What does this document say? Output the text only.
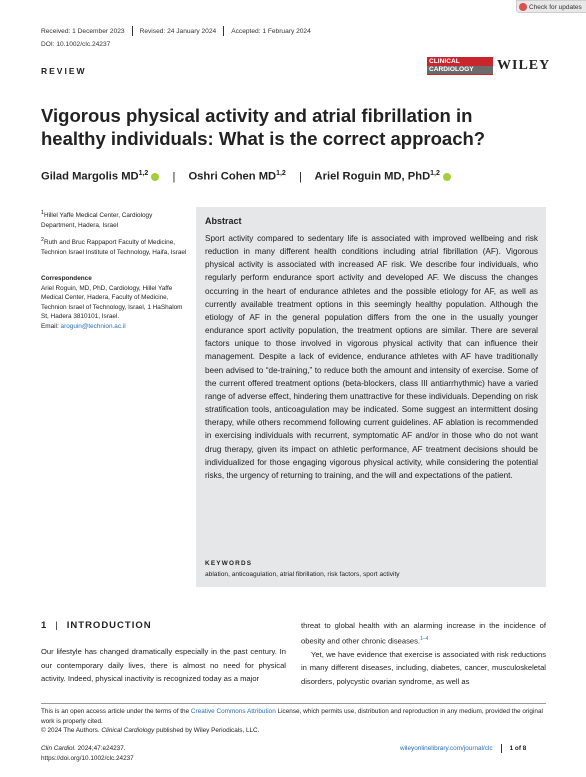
Check for updates
Received: 1 December 2023 Revised: 24 January 2024 Accepted: 1 February 2024
DOI: 10.1002/clc.24237
REVIEW
CLINICAL
CARDIOLOGY	WILEY
Vigorous physical activity and atrial fibrillation in healthy individuals: What is the correct approach?
Gilad Margolis MD$^{1,2}$ | Oshri Cohen MD$^{1,2}$ | Ariel Roguin MD, PhD$^{1,2}$
$^1$Hillel Yaffe Medical Center, Cardiology Department, Hadera, Israel
$^2$Ruth and Bruc Rappaport Faculty of Medicine, Technion Israel Institute of Technology, Haifa, Israel
Correspondence
Ariel Roguin, MD, PhD, Cardiology, Hillel Yaffe Medical Center, Hadera, Faculty of Medicine, Technion Israel of Technology, Israel, 1 HaShalom St, Hadera 3810101, Israel.
Email: aroguin@technion.ac.il
Abstract
Sport activity compared to sedentary life is associated with improved wellbeing and risk reduction in many different health conditions including atrial fibrillation (AF). Vigorous physical activity is associated with increased AF risk. We describe four individuals, who regularly perform endurance sport activity and developed AF. We discuss the changes occurring in the heart of endurance athletes and the possible etiology for AF, as well as currently available treatment options in this seemingly healthy population. Although the etiology of AF in the general population differs from the one in the usually younger endurance sport activity population, the treatment options are similar. There are several factors unique to those involved in vigorous physical activity that can influence their management. Despite a lack of evidence, endurance athletes with AF have traditionally been advised to “de-training,” to reduce both the amount and intensity of exercise. Some of the current offered treatment options (beta-blockers, class III antiarrhythmic) have a varied range of adverse effect, hindering them unattractive for these individuals. Depending on risk stratification tools, anticoagulation may be indicated. Some suggest an intermittent dosing therapy, while others recommend following current guidelines. AF ablation is recommended in exercising individuals with recurrent, symptomatic AF and/or in those who do not want drug therapy, given its impact on athletic performance, AF treatment decisions should be individualized for those engaging vigorous physical activity, while considering the potential risks, the urgency of returning to training, and the will and expectations of the patient.
KEYWORDS
ablation, anticoagulation, atrial fibrillation, risk factors, sport activity
1 | INTRODUCTION
Our lifestyle has changed dramatically especially in the past century. In our contemporary daily lives, there is almost no need for physical activity. Indeed, physical inactivity is recognized today as a major
threat to global health with an alarming increase in the incidence of obesity and other chronic diseases.$^{1-4}$
Yet, we have evidence that exercise is associated with risk reductions in many different diseases, including, diabetes, cancer, musculoskeletal disorders, polycystic ovarian syndrome, as well as
This is an open access article under the terms of the Creative Commons Attribution License, which permits use, distribution and reproduction in any medium, provided the original work is properly cited.
© 2024 The Authors. Clinical Cardiology published by Wiley Periodicals, LLC.
Clin Cardiol. 2024;47:e24237.
https://doi.org/10.1002/clc.24237
wileyonlinelibrary.com/journal/clc	1 of 8
